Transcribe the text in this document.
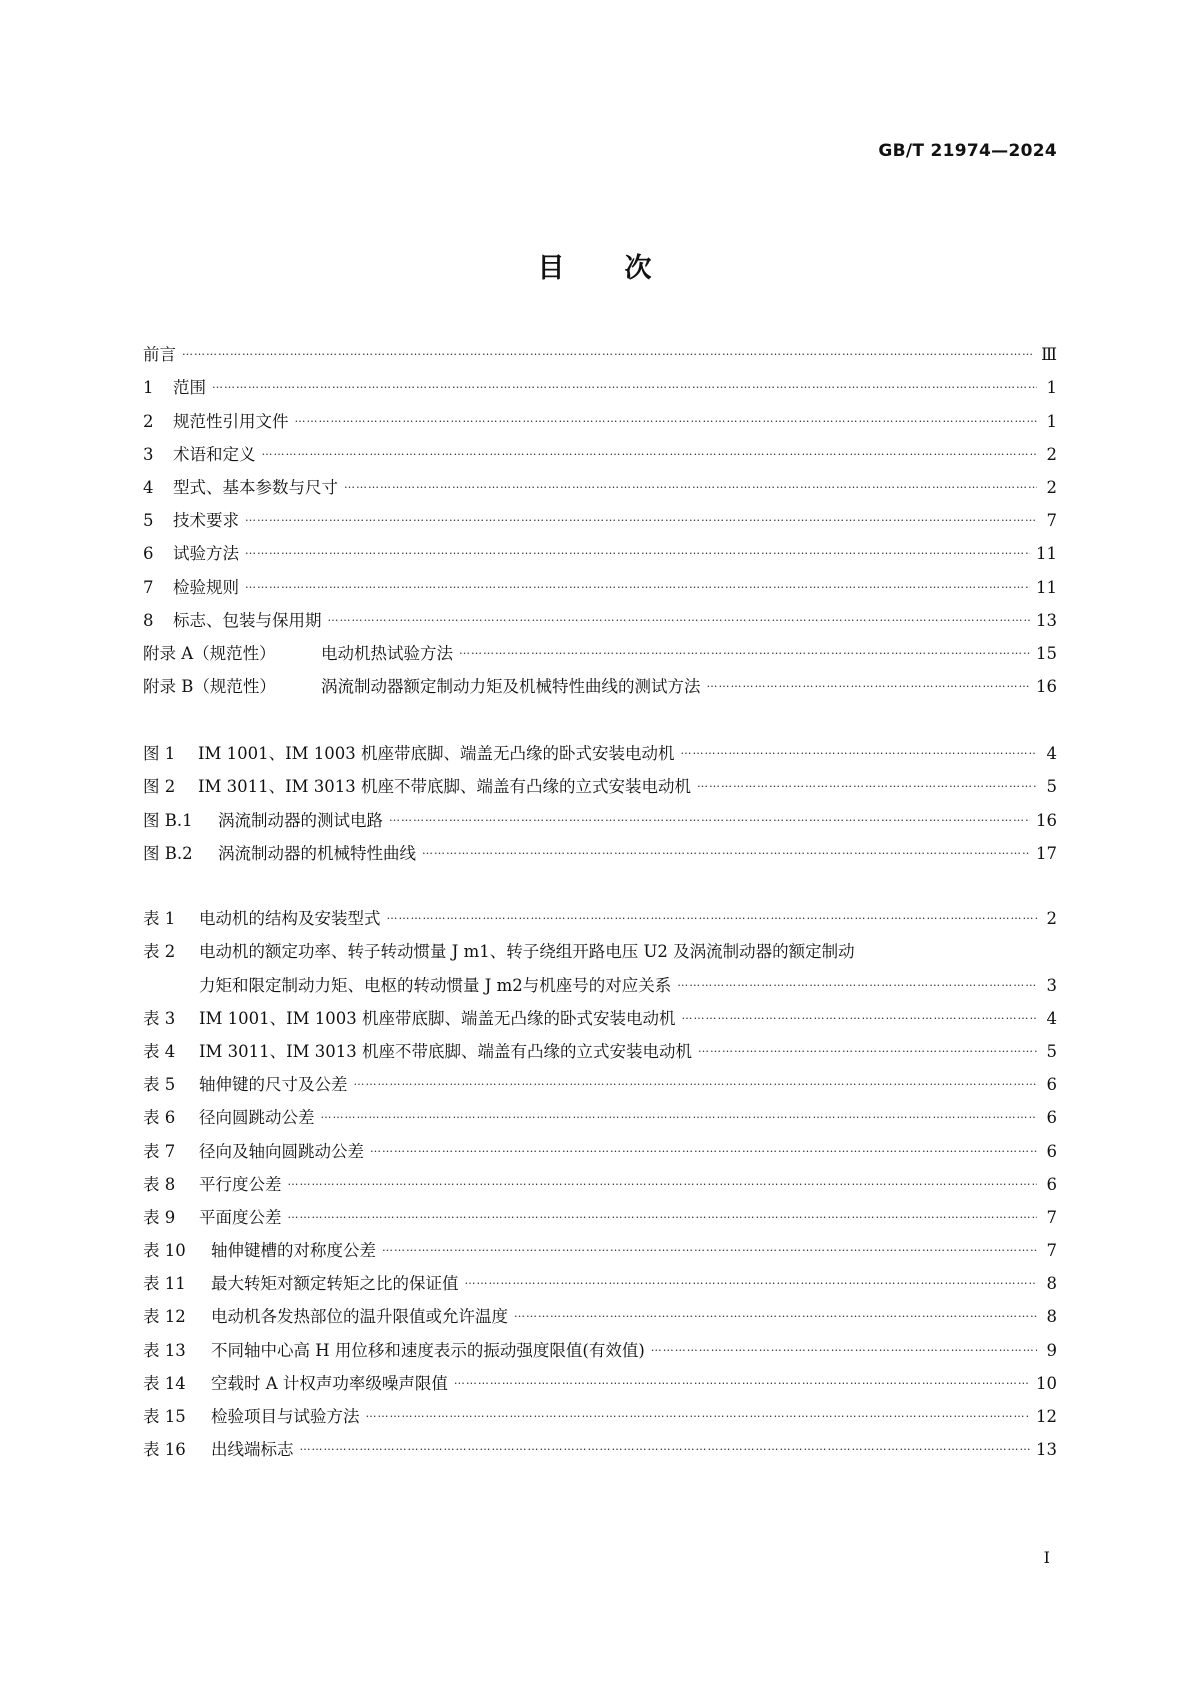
GB/T 21974—2024
目　　次
前言 ………………………………………………………………………………………………………………………………………………………………………………………………………………	Ⅲ
1	范围 ………………………………………………………………………………………………………………………………………………………………………………………………………………	1
2	规范性引用文件 ………………………………………………………………………………………………………………………………………………………………………………………………………………	1
3	术语和定义 ………………………………………………………………………………………………………………………………………………………………………………………………………………	2
4	型式、基本参数与尺寸 ………………………………………………………………………………………………………………………………………………………………………………………………………………	2
5	技术要求 ………………………………………………………………………………………………………………………………………………………………………………………………………………	7
6	试验方法 ………………………………………………………………………………………………………………………………………………………………………………………………………………	11
7	检验规则 ………………………………………………………………………………………………………………………………………………………………………………………………………………	11
8	标志、包装与保用期 ………………………………………………………………………………………………………………………………………………………………………………………………………………	13
附录 A（规范性）	电动机热试验方法 ………………………………………………………………………………………………………………………………………………………………………………………………………………	15
附录 B（规范性）	涡流制动器额定制动力矩及机械特性曲线的测试方法 ………………………………………………………………………………………………………………………………………………………………………………………………………………	16
图 1	IM 1001、IM 1003 机座带底脚、端盖无凸缘的卧式安装电动机 ………………………………………………………………………………………………………………………………………………………………………………………………………………	4
图 2	IM 3011、IM 3013 机座不带底脚、端盖有凸缘的立式安装电动机 ………………………………………………………………………………………………………………………………………………………………………………………………………………	5
图 B.1	涡流制动器的测试电路 ………………………………………………………………………………………………………………………………………………………………………………………………………………	16
图 B.2	涡流制动器的机械特性曲线 ………………………………………………………………………………………………………………………………………………………………………………………………………………	17
表 1	电动机的结构及安装型式 ………………………………………………………………………………………………………………………………………………………………………………………………………………	2
表 2	电动机的额定功率、转子转动惯量 J m1、转子绕组开路电压 U2 及涡流制动器的额定制动
力矩和限定制动力矩、电枢的转动惯量 J m2与机座号的对应关系 ………………………………………………………………………………………………………………………………………………………………………………………………………………	3
表 3	IM 1001、IM 1003 机座带底脚、端盖无凸缘的卧式安装电动机 ………………………………………………………………………………………………………………………………………………………………………………………………………………	4
表 4	IM 3011、IM 3013 机座不带底脚、端盖有凸缘的立式安装电动机 ………………………………………………………………………………………………………………………………………………………………………………………………………………	5
表 5	轴伸键的尺寸及公差 ………………………………………………………………………………………………………………………………………………………………………………………………………………	6
表 6	径向圆跳动公差 ………………………………………………………………………………………………………………………………………………………………………………………………………………	6
表 7	径向及轴向圆跳动公差 ………………………………………………………………………………………………………………………………………………………………………………………………………………	6
表 8	平行度公差 ………………………………………………………………………………………………………………………………………………………………………………………………………………	6
表 9	平面度公差 ………………………………………………………………………………………………………………………………………………………………………………………………………………	7
表 10	轴伸键槽的对称度公差 ………………………………………………………………………………………………………………………………………………………………………………………………………………	7
表 11	最大转矩对额定转矩之比的保证值 ………………………………………………………………………………………………………………………………………………………………………………………………………………	8
表 12	电动机各发热部位的温升限值或允许温度 ………………………………………………………………………………………………………………………………………………………………………………………………………………	8
表 13	不同轴中心高 H 用位移和速度表示的振动强度限值(有效值) ………………………………………………………………………………………………………………………………………………………………………………………………………………	9
表 14	空载时 A 计权声功率级噪声限值 ………………………………………………………………………………………………………………………………………………………………………………………………………………	10
表 15	检验项目与试验方法 ………………………………………………………………………………………………………………………………………………………………………………………………………………	12
表 16	出线端标志 ………………………………………………………………………………………………………………………………………………………………………………………………………………	13
I
